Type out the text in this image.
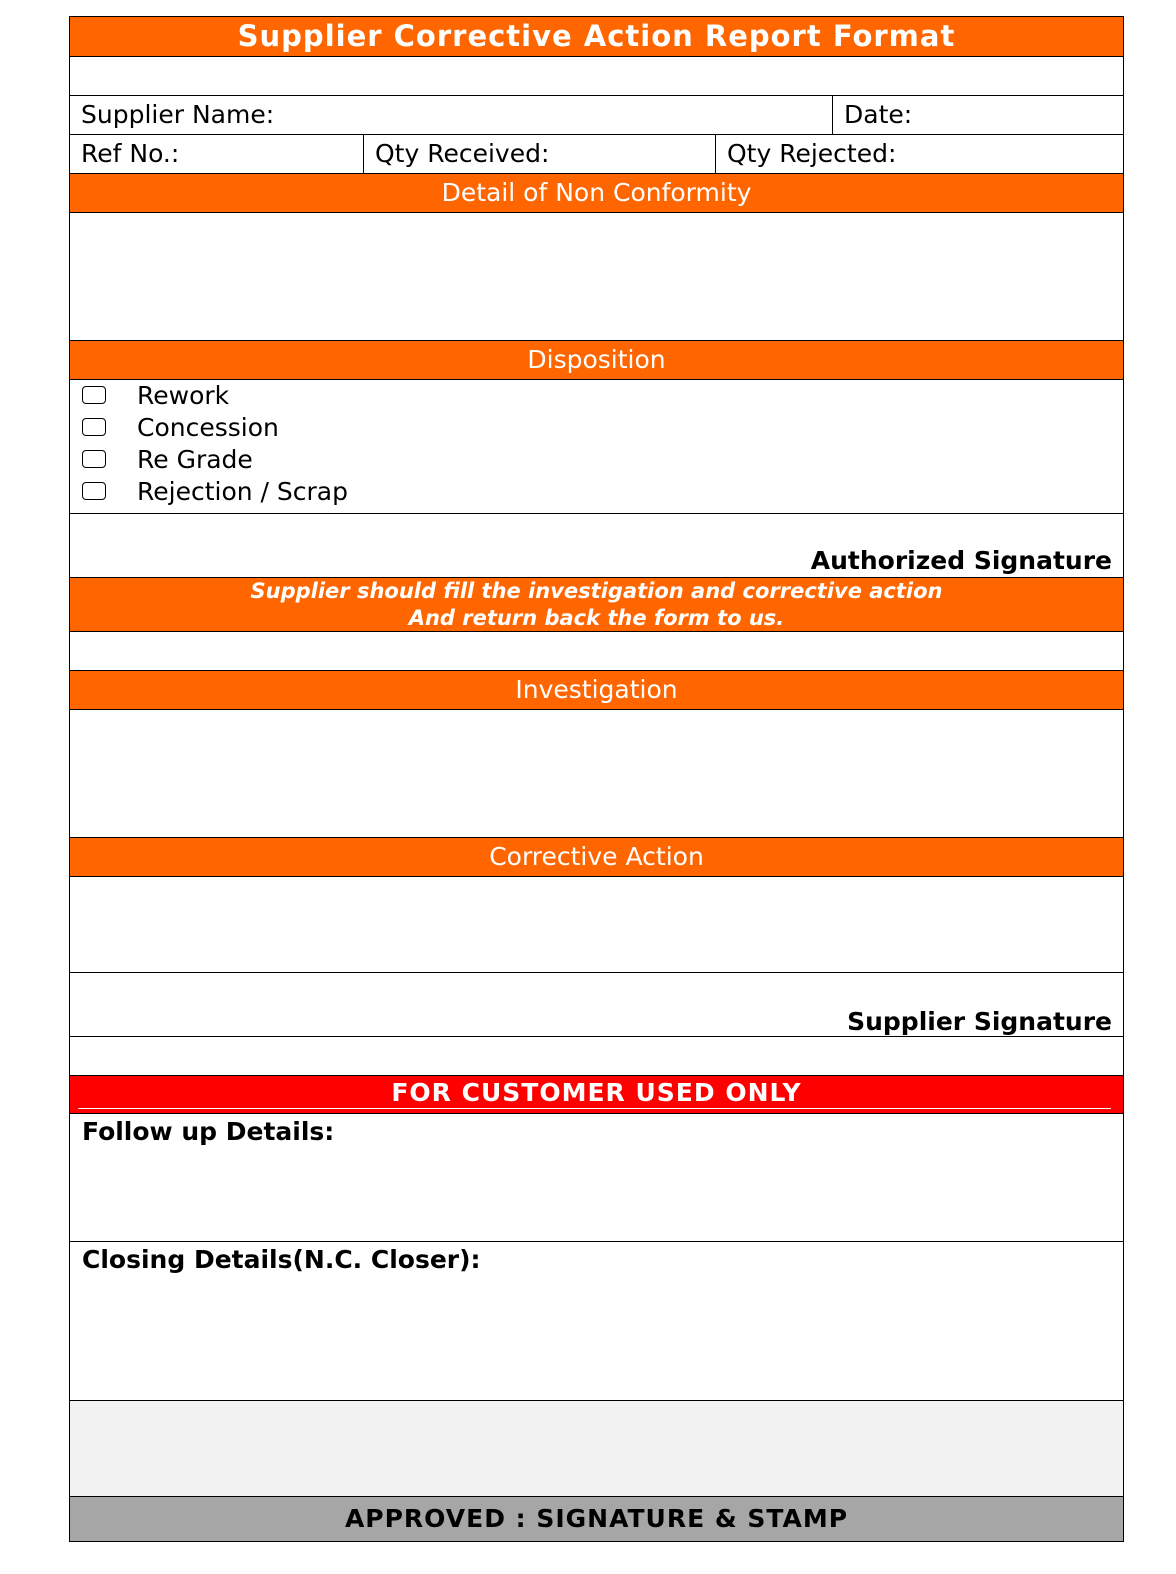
Supplier Corrective Action Report Format
Supplier Name:	Date:
Ref No.:	Qty Received:	Qty Rejected:
Detail of Non Conformity
Disposition
Rework
Concession
Re Grade
Rejection / Scrap
Authorized Signature
Supplier should fill the investigation and corrective action
And return back the form to us.
Investigation
Corrective Action
Supplier Signature
FOR CUSTOMER USED ONLY
Follow up Details:
Closing Details(N.C. Closer):
APPROVED : SIGNATURE & STAMP
